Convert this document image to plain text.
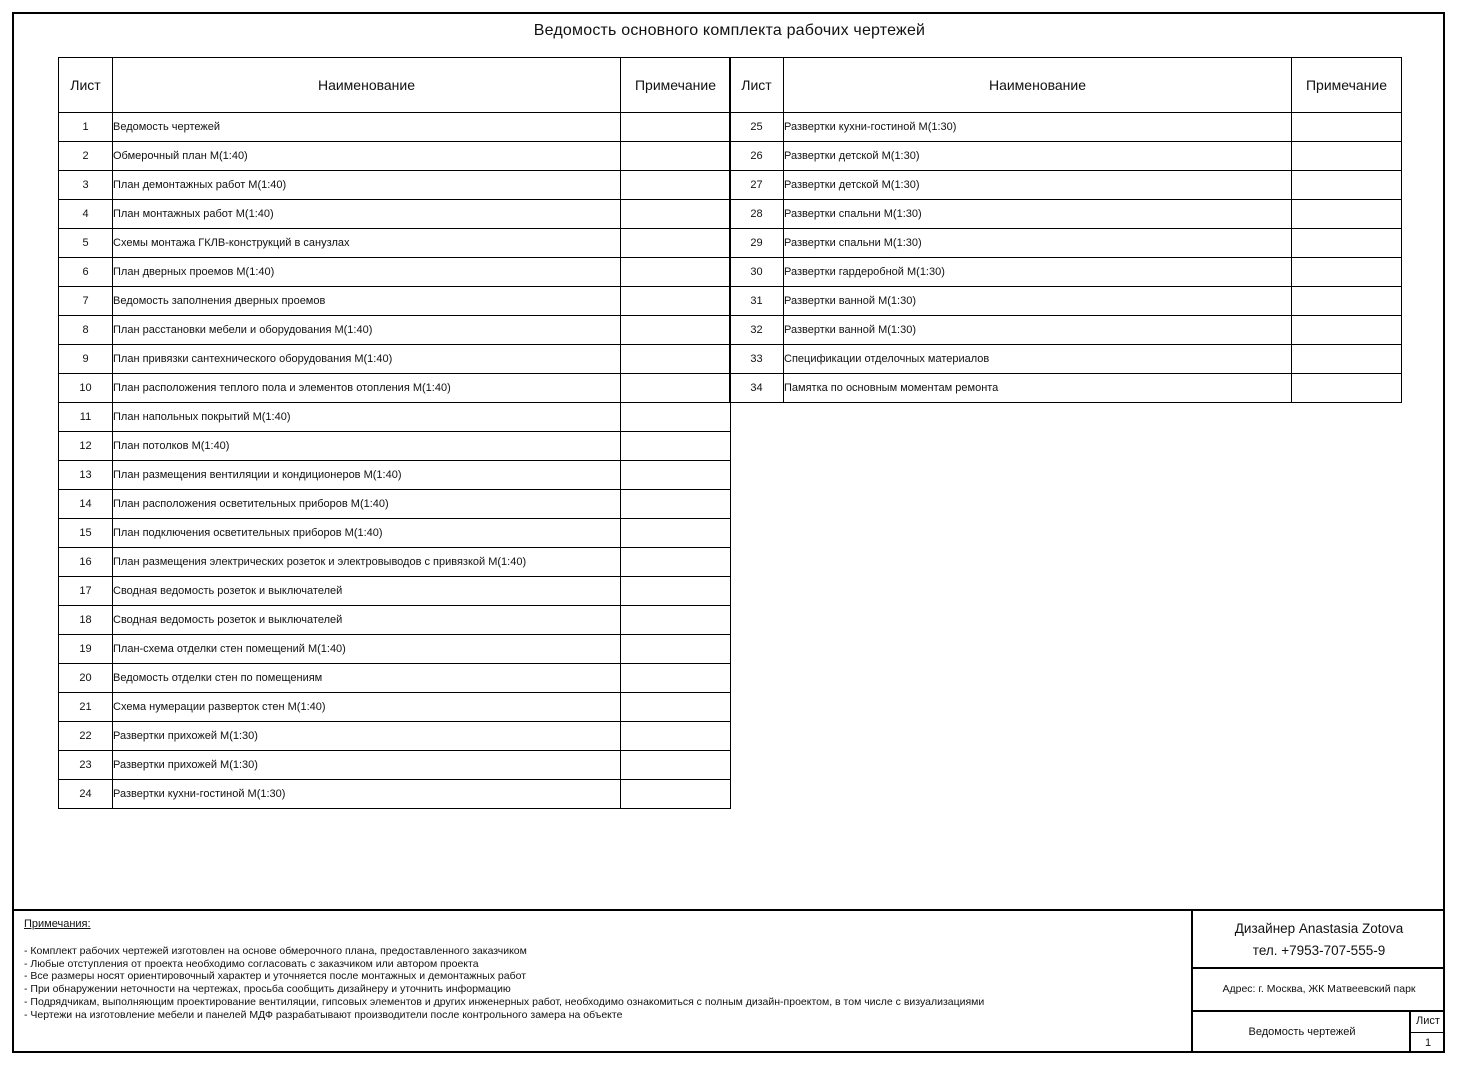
Ведомость основного комплекта рабочих чертежей
Лист	Наименование	Примечание
1	Ведомость чертежей	
2	Обмерочный план М(1:40)	
3	План демонтажных работ М(1:40)	
4	План монтажных работ М(1:40)	
5	Схемы монтажа ГКЛВ-конструкций в санузлах	
6	План дверных проемов М(1:40)	
7	Ведомость заполнения дверных проемов	
8	План расстановки мебели и оборудования М(1:40)	
9	План привязки сантехнического оборудования М(1:40)	
10	План расположения теплого пола и элементов отопления М(1:40)	
11	План напольных покрытий М(1:40)	
12	План потолков М(1:40)	
13	План размещения вентиляции и кондиционеров М(1:40)	
14	План расположения осветительных приборов М(1:40)	
15	План подключения осветительных приборов М(1:40)	
16	План размещения электрических розеток и электровыводов с привязкой М(1:40)	
17	Сводная ведомость розеток и выключателей	
18	Сводная ведомость розеток и выключателей	
19	План-схема отделки стен помещений М(1:40)	
20	Ведомость отделки стен по помещениям	
21	Схема нумерации разверток стен М(1:40)	
22	Развертки прихожей М(1:30)	
23	Развертки прихожей М(1:30)	
24	Развертки кухни-гостиной М(1:30)	
Лист	Наименование	Примечание
25	Развертки кухни-гостиной М(1:30)	
26	Развертки детской М(1:30)	
27	Развертки детской М(1:30)	
28	Развертки спальни М(1:30)	
29	Развертки спальни М(1:30)	
30	Развертки гардеробной М(1:30)	
31	Развертки ванной М(1:30)	
32	Развертки ванной М(1:30)	
33	Спецификации отделочных материалов	
34	Памятка по основным моментам ремонта	
Примечания:
- Комплект рабочих чертежей изготовлен на основе обмерочного плана, предоставленного заказчиком
- Любые отступления от проекта необходимо согласовать с заказчиком или автором проекта
- Все размеры носят ориентировочный характер и уточняется после монтажных и демонтажных работ
- При обнаружении неточности на чертежах, просьба сообщить дизайнеру и уточнить информацию
- Подрядчикам, выполняющим проектирование вентиляции, гипсовых элементов и других инженерных работ, необходимо ознакомиться с полным дизайн-проектом, в том числе с визуализациями
- Чертежи на изготовление мебели и панелей МДФ разрабатывают производители после контрольного замера на объекте
Дизайнер Anastasia Zotova
тел. +7953-707-555-9
Адрес: г. Москва, ЖК Матвеевский парк
Ведомость чертежей
Лист
1
